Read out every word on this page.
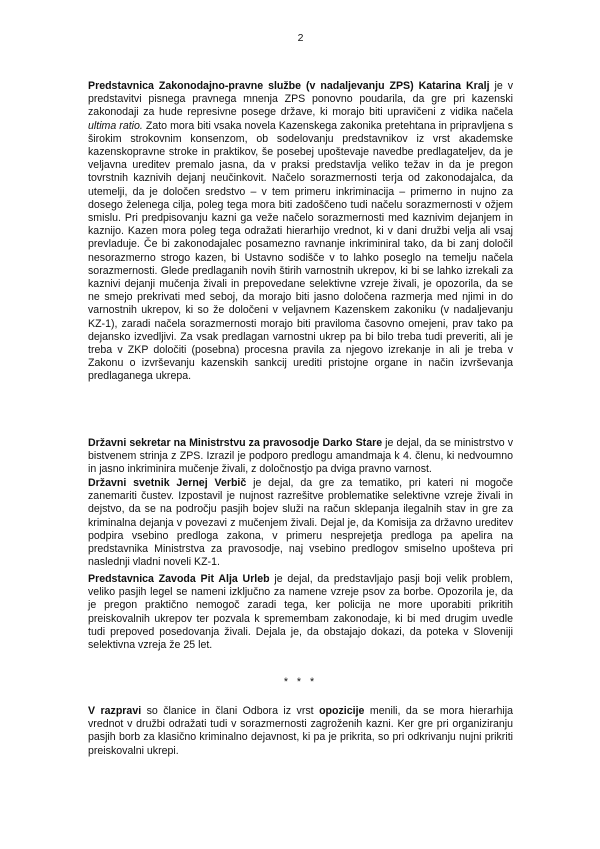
2

Predstavnica Zakonodajno-pravne službe (v nadaljevanju ZPS) Katarina Kralj je v predstavitvi pisnega pravnega mnenja ZPS ponovno poudarila, da gre pri kazenski zakonodaji za hude represivne posege države, ki morajo biti upravičeni z vidika načela ultima ratio. Zato mora biti vsaka novela Kazenskega zakonika pretehtana in pripravljena s širokim strokovnim konsenzom, ob sodelovanju predstavnikov iz vrst akademske kazenskopravne stroke in praktikov, še posebej upoštevaje navedbe predlagateljev, da je veljavna ureditev premalo jasna, da v praksi predstavlja veliko težav in da je pregon tovrstnih kaznivih dejanj neučinkovit. Načelo sorazmernosti terja od zakonodajalca, da utemelji, da je določen sredstvo – v tem primeru inkriminacija – primerno in nujno za dosego želenega cilja, poleg tega mora biti zadoščeno tudi načelu sorazmernosti v ožjem smislu. Pri predpisovanju kazni ga veže načelo sorazmernosti med kaznivim dejanjem in kaznijo. Kazen mora poleg tega odražati hierarhijo vrednot, ki v dani družbi velja ali vsaj prevladuje. Če bi zakonodajalec posamezno ravnanje inkriminiral tako, da bi zanj določil nesorazmerno strogo kazen, bi Ustavno sodišče v to lahko poseglo na temelju načela sorazmernosti. Glede predlaganih novih štirih varnostnih ukrepov, ki bi se lahko izrekali za kaznivi dejanji mučenja živali in prepovedane selektivne vzreje živali, je opozorila, da se ne smejo prekrivati med seboj, da morajo biti jasno določena razmerja med njimi in do varnostnih ukrepov, ki so že določeni v veljavnem Kazenskem zakoniku (v nadaljevanju KZ-1), zaradi načela sorazmernosti morajo biti praviloma časovno omejeni, prav tako pa dejansko izvedljivi. Za vsak predlagan varnostni ukrep pa bi bilo treba tudi preveriti, ali je treba v ZKP določiti (posebna) procesna pravila za njegovo izrekanje in ali je treba v Zakonu o izvrševanju kazenskih sankcij urediti pristojne organe in način izvrševanja predlaganega ukrepa.

Državni sekretar na Ministrstvu za pravosodje Darko Stare je dejal, da se ministrstvo v bistvenem strinja z ZPS. Izrazil je podporo predlogu amandmaja k 4. členu, ki nedvoumno in jasno inkriminira mučenje živali, z določnostjo pa dviga pravno varnost.

Državni svetnik Jernej Verbič je dejal, da gre za tematiko, pri kateri ni mogoče zanemariti čustev. Izpostavil je nujnost razrešitve problematike selektivne vzreje živali in dejstvo, da se na področju pasjih bojev služi na račun sklepanja ilegalnih stav in gre za kriminalna dejanja v povezavi z mučenjem živali. Dejal je, da Komisija za državno ureditev podpira vsebino predloga zakona, v primeru nesprejetja predloga pa apelira na predstavnika Ministrstva za pravosodje, naj vsebino predlogov smiselno upošteva pri naslednji vladni noveli KZ-1.

Predstavnica Zavoda Pit Alja Urleb je dejal, da predstavljajo pasji boji velik problem, veliko pasjih legel se nameni izključno za namene vzreje psov za borbe. Opozorila je, da je pregon praktično nemogoč zaradi tega, ker policija ne more uporabiti prikritih preiskovalnih ukrepov ter pozvala k spremembam zakonodaje, ki bi med drugim uvedle tudi prepoved posedovanja živali. Dejala je, da obstajajo dokazi, da poteka v Sloveniji selektivna vzreja že 25 let.

* * *

V razpravi so članice in člani Odbora iz vrst opozicije menili, da se mora hierarhija vrednot v družbi odražati tudi v sorazmernosti zagroženih kazni. Ker gre pri organiziranju pasjih borb za klasično kriminalno dejavnost, ki pa je prikrita, so pri odkrivanju nujni prikriti preiskovalni ukrepi.
